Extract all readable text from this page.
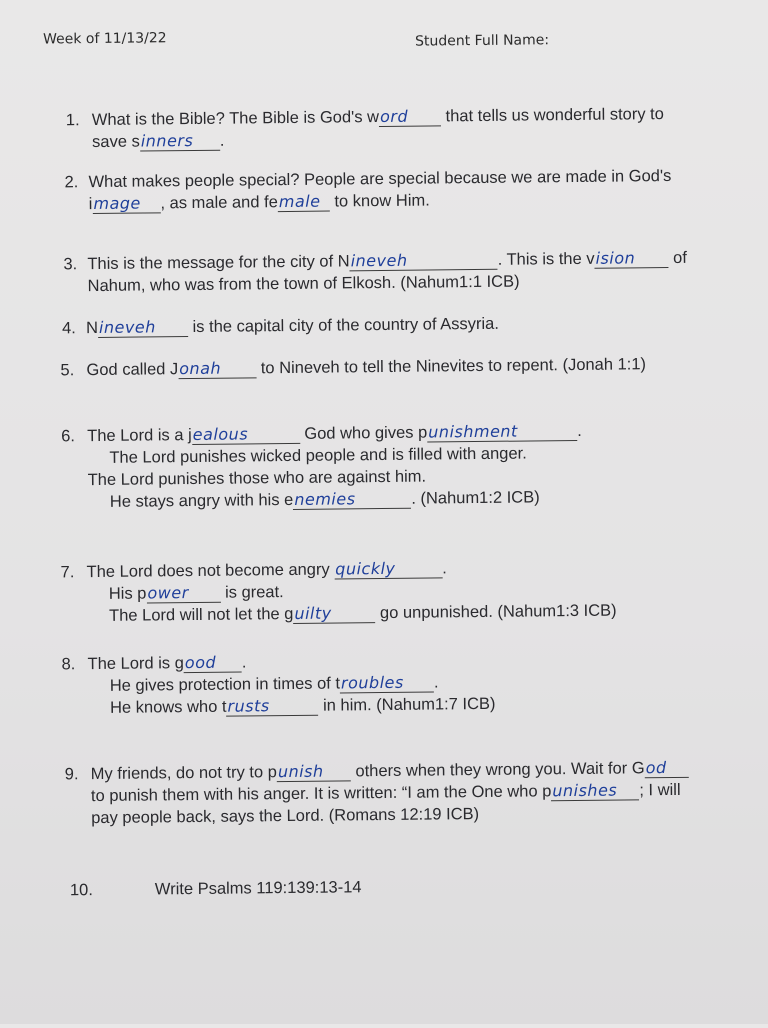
Week of 11/13/22	Student Full Name:
1. What is the Bible? The Bible is God's word that tells us wonderful story to
save sinners .
2. What makes people special? People are special because we are made in God's
image , as male and female to know Him.
3. This is the message for the city of Nineveh	. This is the vision of
Nahum, who was from the town of Elkosh. (Nahum1:1 ICB)
4. Nineveh is the capital city of the country of Assyria.
5. God called Jonah to Nineveh to tell the Ninevites to repent. (Jonah 1:1)
6. The Lord is a jealous	God who gives punishment	.
The Lord punishes wicked people and is filled with anger.
The Lord punishes those who are against him.
He stays angry with his enemies	. (Nahum1:2 ICB)
7. The Lord does not become angry quickly	.
His power is great.
The Lord will not let the guilty	go unpunished. (Nahum1:3 ICB)
8. The Lord is good .
He gives protection in times of troubles .
He knows who trusts	in him. (Nahum1:7 ICB)
9. My friends, do not try to punish others when they wrong you. Wait for God
to punish them with his anger. It is written: “I am the One who punishes ; I will
pay people back, says the Lord. (Romans 12:19 ICB)
10.	Write Psalms 119:139:13-14
